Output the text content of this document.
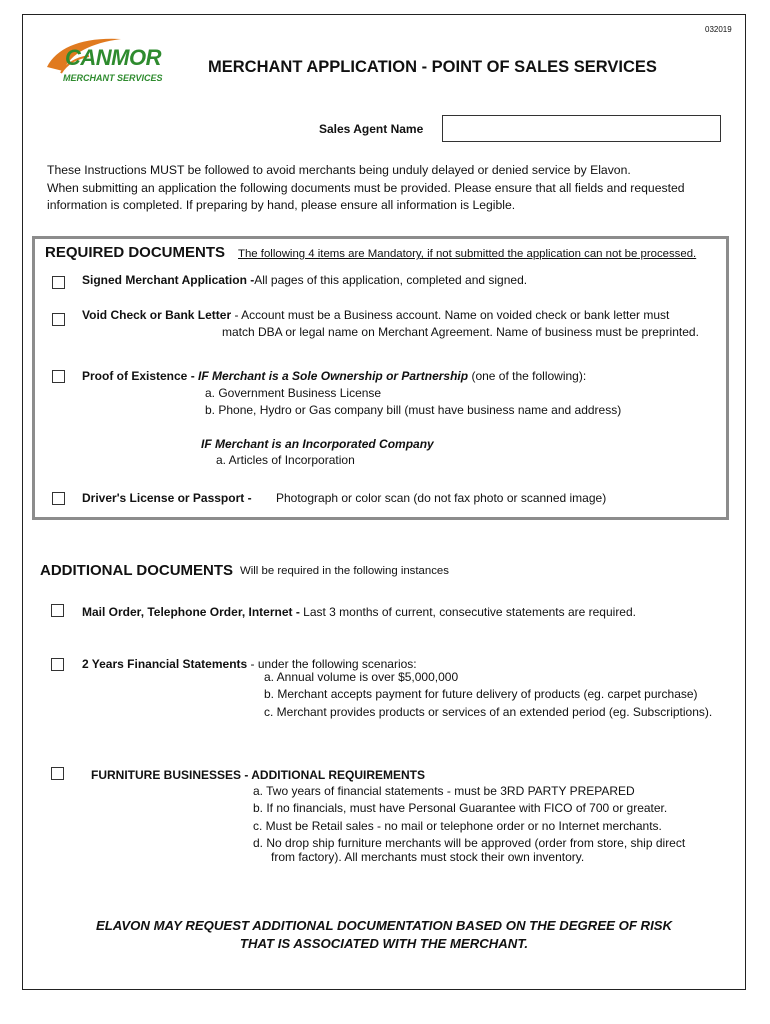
032019
CANMOR
MERCHANT SERVICES
MERCHANT APPLICATION - POINT OF SALES SERVICES
Sales Agent Name
These Instructions MUST be followed to avoid merchants being unduly delayed or denied service by Elavon.
When submitting an application the following documents must be provided. Please ensure that all fields and requested
information is completed. If preparing by hand, please ensure all information is Legible.
REQUIRED DOCUMENTS The following 4 items are Mandatory, if not submitted the application can not be processed.
Signed Merchant Application -All pages of this application, completed and signed.
Void Check or Bank Letter - Account must be a Business account. Name on voided check or bank letter must
match DBA or legal name on Merchant Agreement. Name of business must be preprinted.
Proof of Existence - IF Merchant is a Sole Ownership or Partnership (one of the following):
a. Government Business License
b. Phone, Hydro or Gas company bill (must have business name and address)
IF Merchant is an Incorporated Company
a. Articles of Incorporation
Driver's License or Passport - Photograph or color scan (do not fax photo or scanned image)
ADDITIONAL DOCUMENTS Will be required in the following instances
Mail Order, Telephone Order, Internet - Last 3 months of current, consecutive statements are required.
2 Years Financial Statements - under the following scenarios:
a. Annual volume is over $5,000,000
b. Merchant accepts payment for future delivery of products (eg. carpet purchase)
c. Merchant provides products or services of an extended period (eg. Subscriptions).
FURNITURE BUSINESSES - ADDITIONAL REQUIREMENTS
a. Two years of financial statements - must be 3RD PARTY PREPARED
b. If no financials, must have Personal Guarantee with FICO of 700 or greater.
c. Must be Retail sales - no mail or telephone order or no Internet merchants.
d. No drop ship furniture merchants will be approved (order from store, ship direct
from factory). All merchants must stock their own inventory.
ELAVON MAY REQUEST ADDITIONAL DOCUMENTATION BASED ON THE DEGREE OF RISK
THAT IS ASSOCIATED WITH THE MERCHANT.
